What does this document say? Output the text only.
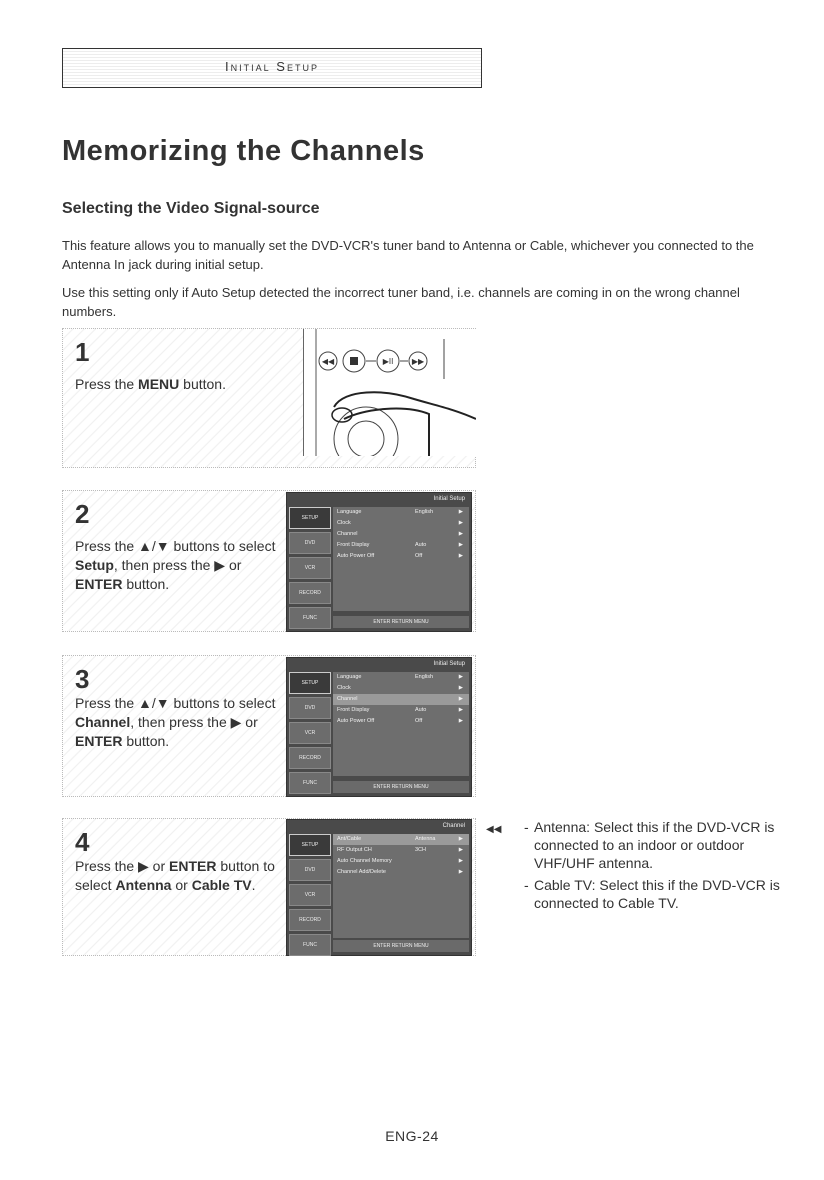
Initial Setup
Memorizing the Channels
Selecting the Video Signal-source
This feature allows you to manually set the DVD-VCR's tuner band to Antenna or Cable, whichever you connected to the Antenna In jack during initial setup.
Use this setting only if Auto Setup detected the incorrect tuner band, i.e. channels are coming in on the wrong channel numbers.
1
Press the MENU button.
◀◀	▶II ▶▶
2
Press the ▲/▼ buttons to select Setup, then press the ▶ or ENTER button.
Initial Setup
SETUP
DVD
VCR
RECORD
FUNC
Language	English	▶
Clock	▶
Channel	▶
Front Display	Auto	▶
Auto Power Off	Off	▶
ENTER RETURN MENU
3
Press the ▲/▼ buttons to select Channel, then press the ▶ or ENTER button.
Initial Setup
SETUP
DVD
VCR
RECORD
FUNC
Language	English	▶
Clock	▶
Channel	▶
Front Display	Auto	▶
Auto Power Off	Off	▶
ENTER RETURN MENU
4
Press the ▶ or ENTER button to select Antenna or Cable TV.
Channel
SETUP
DVD
VCR
RECORD
FUNC
Ant/Cable	Antenna	▶
RF Output CH	3CH	▶
Auto Channel Memory	▶
Channel Add/Delete	▶
ENTER RETURN MENU
◀◀ - Antenna: Select this if the DVD-VCR is connected to an indoor or outdoor VHF/UHF antenna.
- Cable TV: Select this if the DVD-VCR is connected to Cable TV.
ENG-24
